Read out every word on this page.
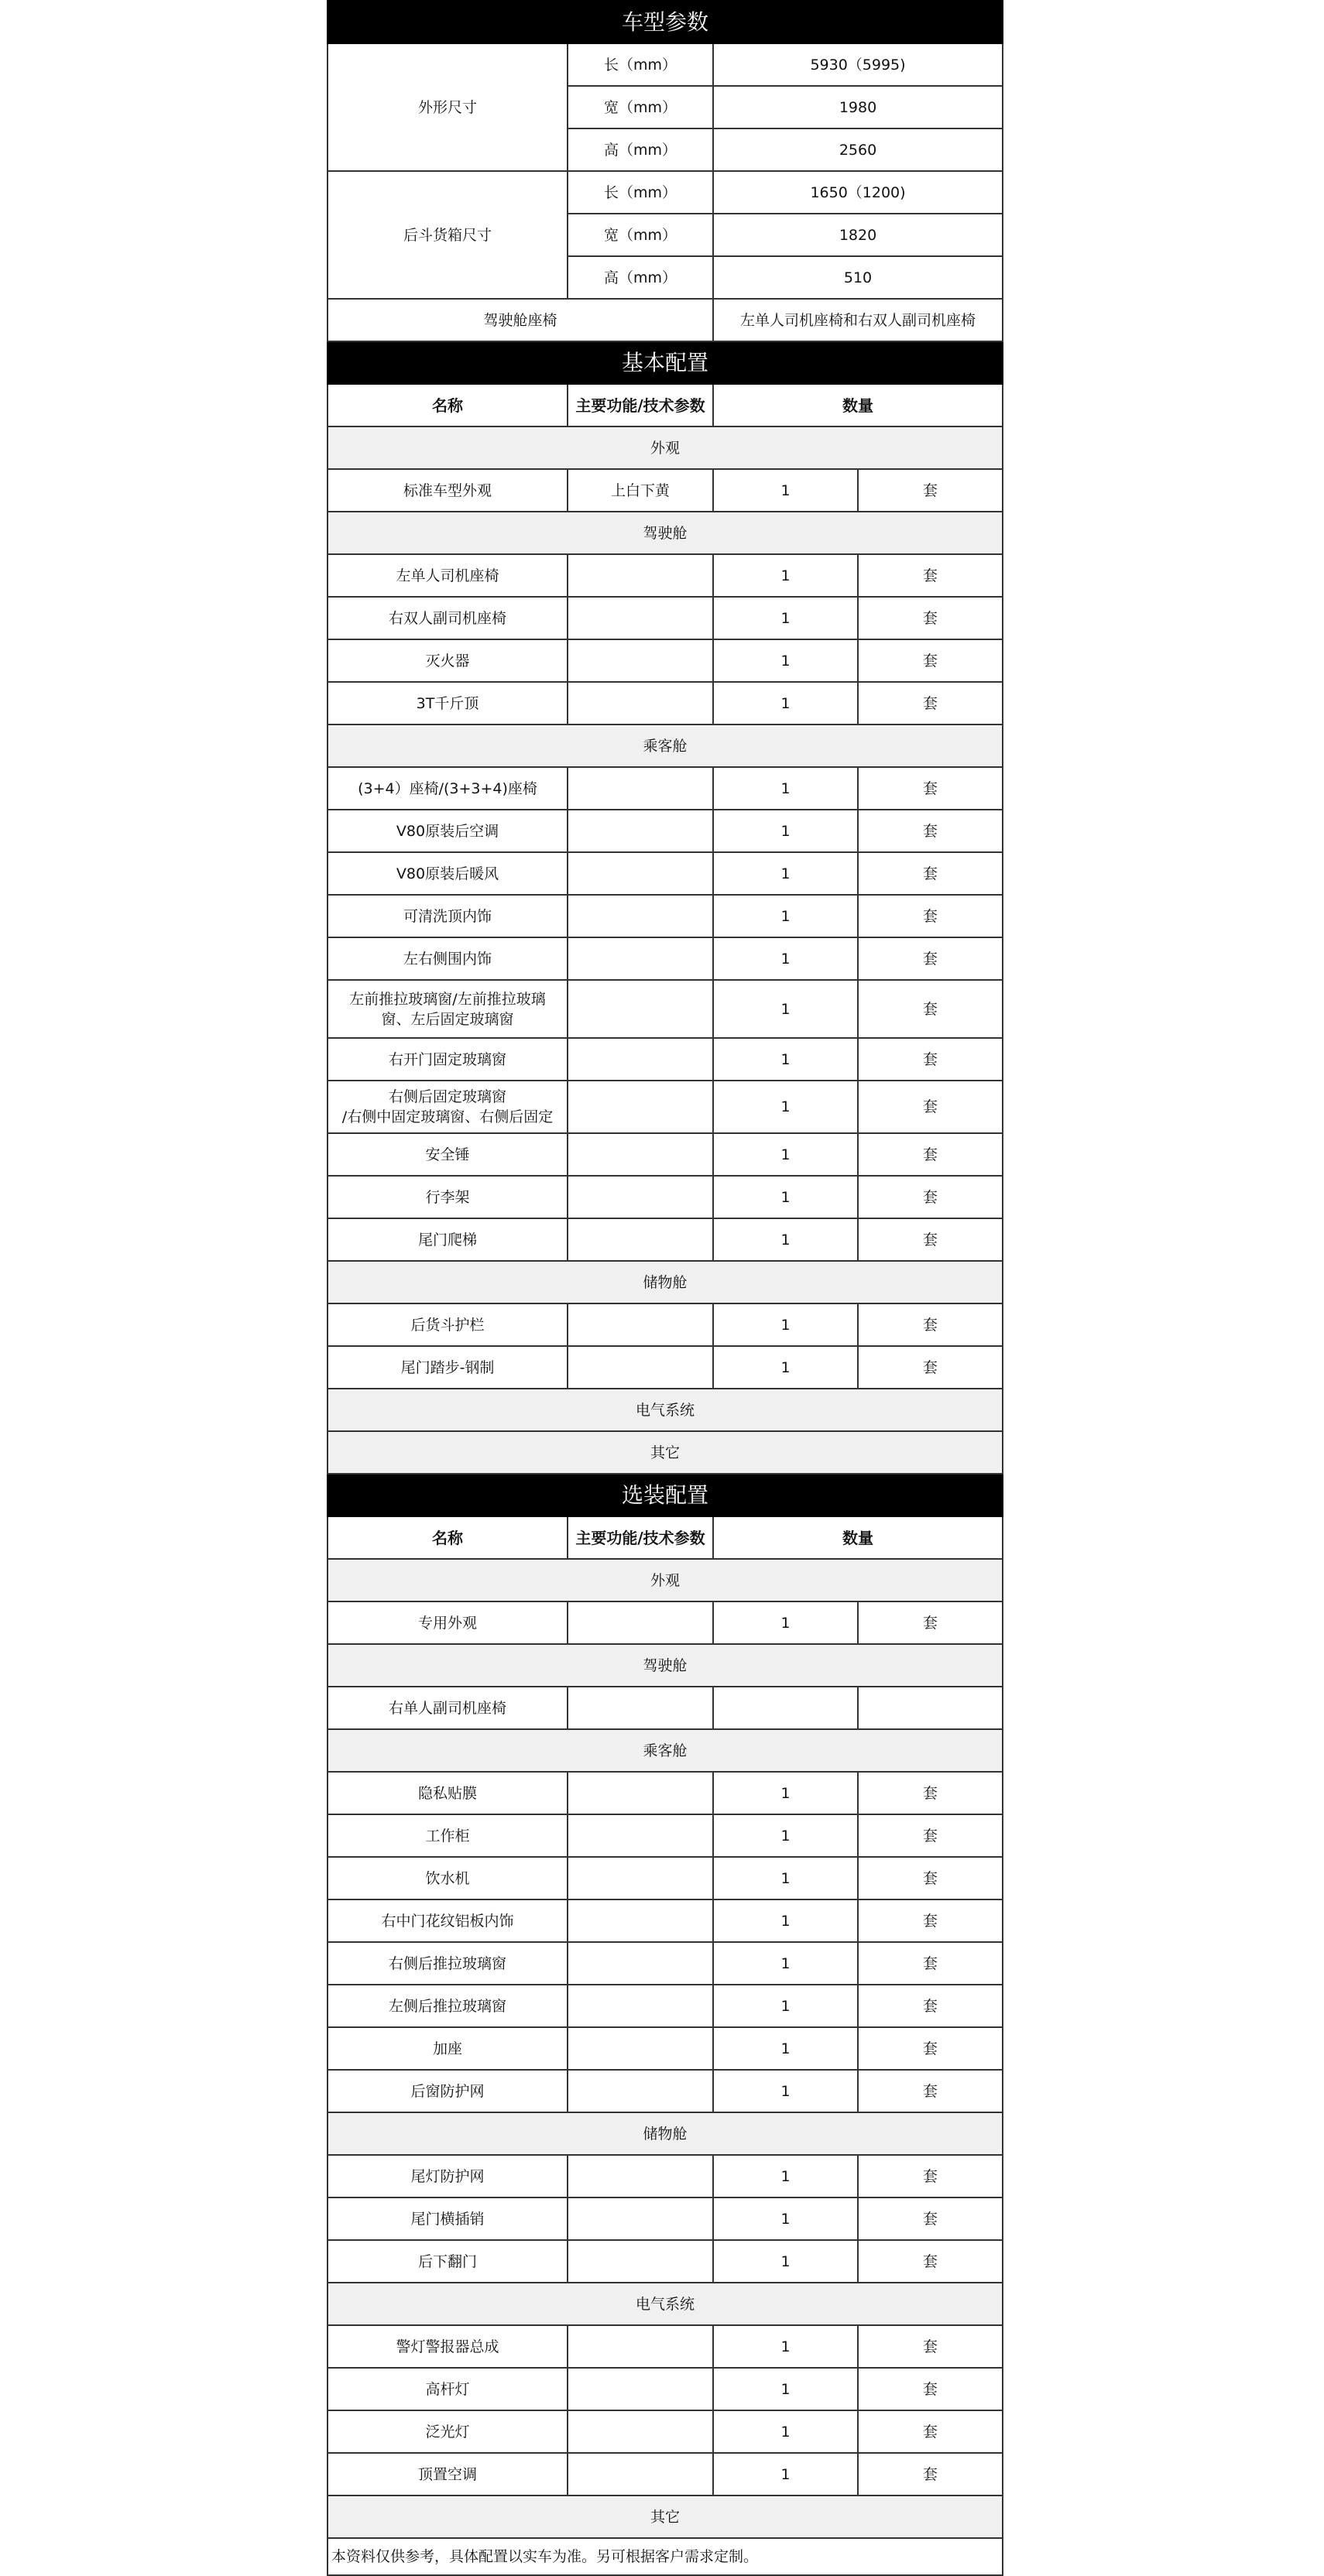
车型参数			
外形尺寸	长（mm）	5930（5995)	
	宽（mm）	1980	
	高（mm）	2560	
后斗货箱尺寸	长（mm）	1650（1200)	
	宽（mm）	1820	
	高（mm）	510	
驾驶舱座椅		左单人司机座椅和右双人副司机座椅	
基本配置			
名称	主要功能/技术参数	数量	
外观			
标准车型外观	上白下黄	1	套
驾驶舱			
左单人司机座椅		1	套
右双人副司机座椅		1	套
灭火器		1	套
3T千斤顶		1	套
乘客舱			
(3+4）座椅/(3+3+4)座椅		1	套
V80原装后空调		1	套
V80原装后暖风		1	套
可清洗顶内饰		1	套
左右侧围内饰		1	套
左前推拉玻璃窗/左前推拉玻璃
窗、左后固定玻璃窗		1	套
右开门固定玻璃窗		1	套
右侧后固定玻璃窗
/右侧中固定玻璃窗、右侧后固定		1	套
安全锤		1	套
行李架		1	套
尾门爬梯		1	套
储物舱			
后货斗护栏		1	套
尾门踏步-钢制		1	套
电气系统			
其它			
选装配置			
名称	主要功能/技术参数	数量	
外观			
专用外观		1	套
驾驶舱			
右单人副司机座椅			
乘客舱			
隐私贴膜		1	套
工作柜		1	套
饮水机		1	套
右中门花纹铝板内饰		1	套
右侧后推拉玻璃窗		1	套
左侧后推拉玻璃窗		1	套
加座		1	套
后窗防护网		1	套
储物舱			
尾灯防护网		1	套
尾门横插销		1	套
后下翻门		1	套
电气系统			
警灯警报器总成		1	套
高杆灯		1	套
泛光灯		1	套
顶置空调		1	套
其它			
本资料仅供参考，具体配置以实车为准。另可根据客户需求定制。			
